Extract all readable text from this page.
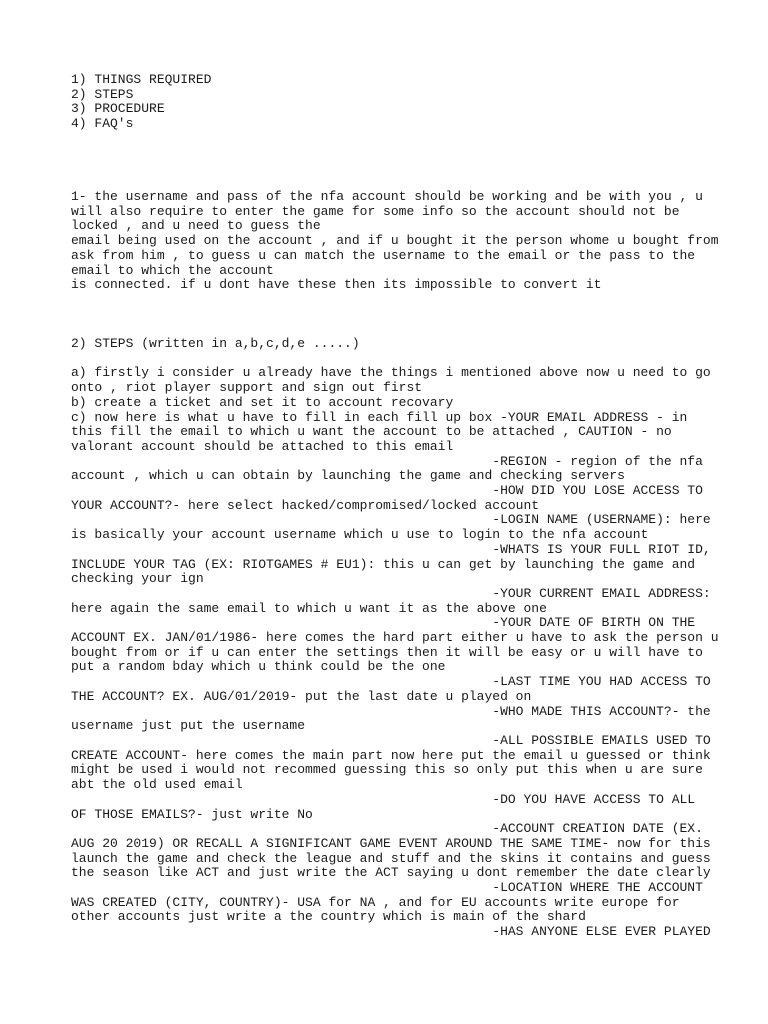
1) THINGS REQUIRED
2) STEPS
3) PROCEDURE
4) FAQ's
1- the username and pass of the nfa account should be working and be with you , u
will also require to enter the game for some info so the account should not be
locked , and u need to guess the
email being used on the account , and if u bought it the person whome u bought from
ask from him , to guess u can match the username to the email or the pass to the
email to which the account
is connected. if u dont have these then its impossible to convert it
2) STEPS (written in a,b,c,d,e .....)

a) firstly i consider u already have the things i mentioned above now u need to go
onto , riot player support and sign out first
b) create a ticket and set it to account recovary
c) now here is what u have to fill in each fill up box -YOUR EMAIL ADDRESS - in
this fill the email to which u want the account to be attached , CAUTION - no
valorant account should be attached to this email
-REGION - region of the nfa
account , which u can obtain by launching the game and checking servers
-HOW DID YOU LOSE ACCESS TO
YOUR ACCOUNT?- here select hacked/compromised/locked account
-LOGIN NAME (USERNAME): here
is basically your account username which u use to login to the nfa account
-WHATS IS YOUR FULL RIOT ID,
INCLUDE YOUR TAG (EX: RIOTGAMES # EU1): this u can get by launching the game and
checking your ign
-YOUR CURRENT EMAIL ADDRESS:
here again the same email to which u want it as the above one
-YOUR DATE OF BIRTH ON THE
ACCOUNT EX. JAN/01/1986- here comes the hard part either u have to ask the person u
bought from or if u can enter the settings then it will be easy or u will have to
put a random bday which u think could be the one
-LAST TIME YOU HAD ACCESS TO
THE ACCOUNT? EX. AUG/01/2019- put the last date u played on
-WHO MADE THIS ACCOUNT?- the
username just put the username
-ALL POSSIBLE EMAILS USED TO
CREATE ACCOUNT- here comes the main part now here put the email u guessed or think
might be used i would not recommed guessing this so only put this when u are sure
abt the old used email
-DO YOU HAVE ACCESS TO ALL
OF THOSE EMAILS?- just write No
-ACCOUNT CREATION DATE (EX.
AUG 20 2019) OR RECALL A SIGNIFICANT GAME EVENT AROUND THE SAME TIME- now for this
launch the game and check the league and stuff and the skins it contains and guess
the season like ACT and just write the ACT saying u dont remember the date clearly
-LOCATION WHERE THE ACCOUNT
WAS CREATED (CITY, COUNTRY)- USA for NA , and for EU accounts write europe for
other accounts just write a the country which is main of the shard
-HAS ANYONE ELSE EVER PLAYED
